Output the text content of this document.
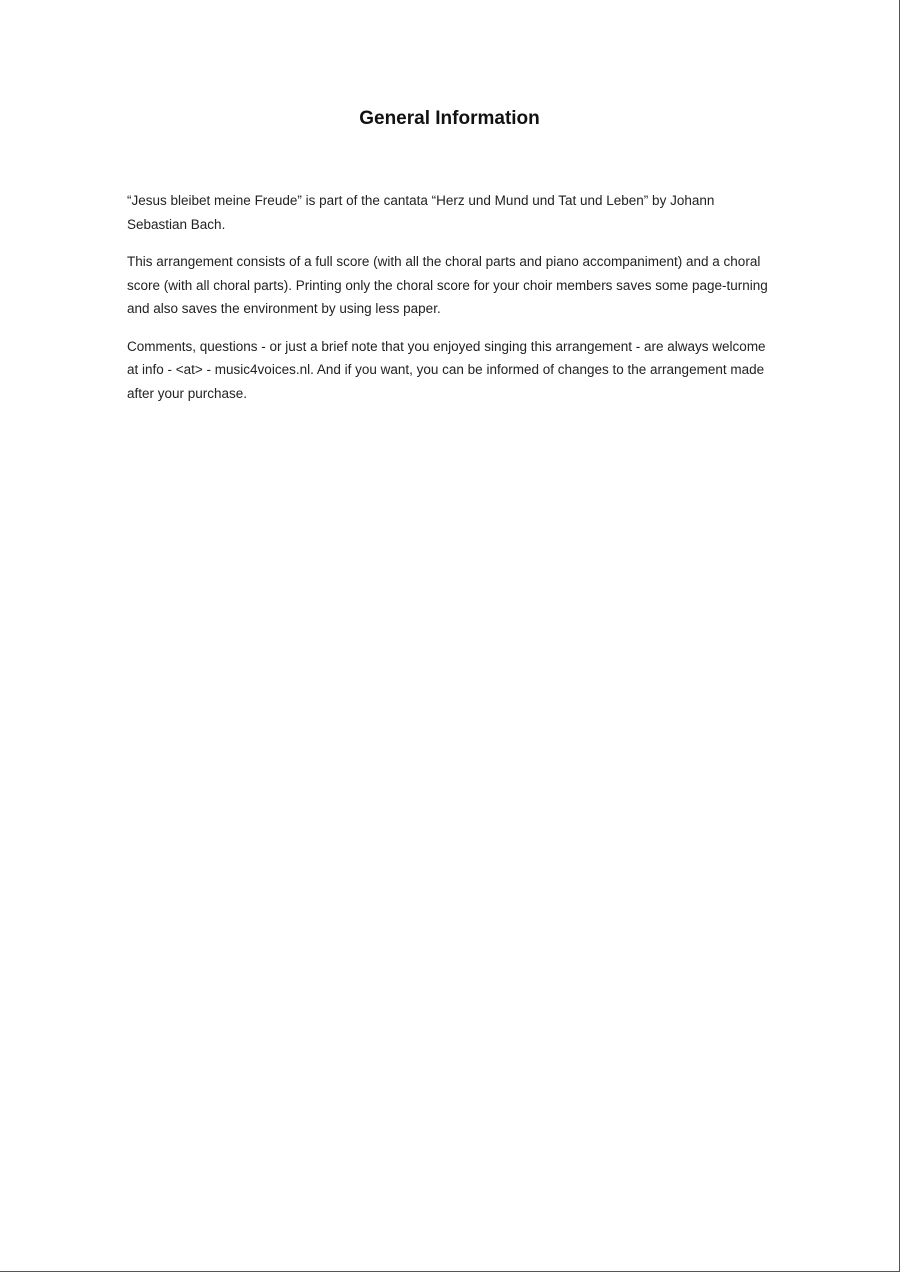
General Information

“Jesus bleibet meine Freude” is part of the cantata “Herz und Mund und Tat und Leben” by Johann Sebastian Bach.

This arrangement consists of a full score (with all the choral parts and piano accompaniment) and a choral score (with all choral parts). Printing only the choral score for your choir members saves some page-turning and also saves the environment by using less paper.

Comments, questions - or just a brief note that you enjoyed singing this arrangement - are always welcome at info - <at> - music4voices.nl. And if you want, you can be informed of changes to the arrangement made after your purchase.
